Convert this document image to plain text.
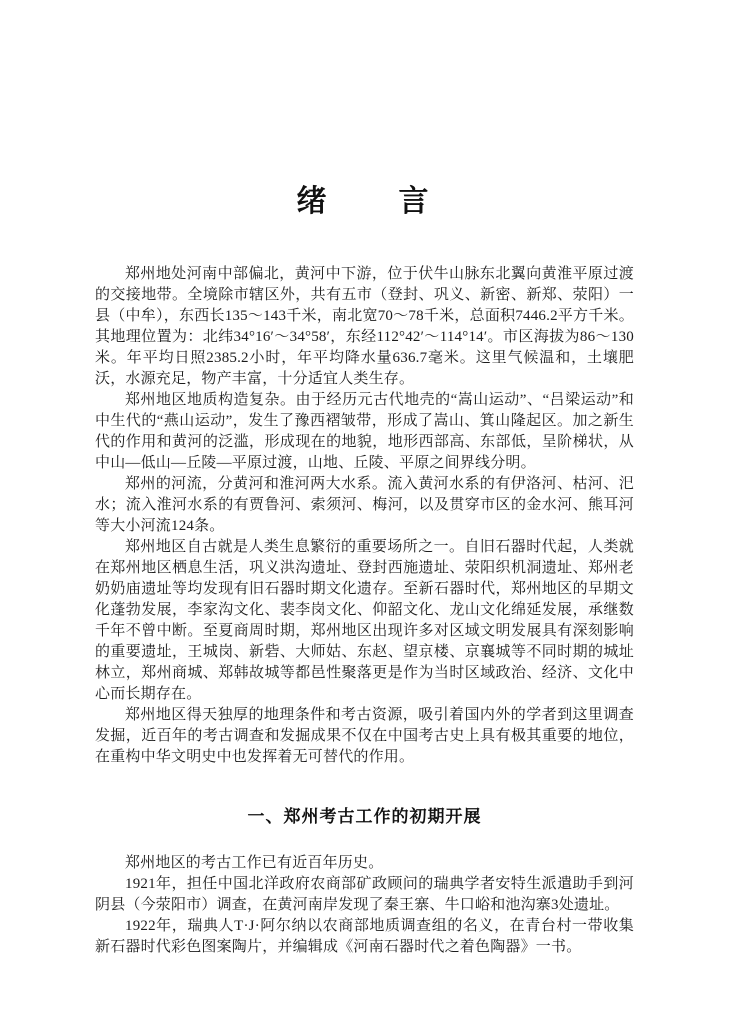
绪　　言

郑州地处河南中部偏北，黄河中下游，位于伏牛山脉东北翼向黄淮平原过渡的交接地带。全境除市辖区外，共有五市（登封、巩义、新密、新郑、荥阳）一县（中牟），东西长135～143千米，南北宽70～78千米，总面积7446.2平方千米。其地理位置为：北纬34°16′～34°58′，东经112°42′～114°14′。市区海拔为86～130米。年平均日照2385.2小时，年平均降水量636.7毫米。这里气候温和，土壤肥沃，水源充足，物产丰富，十分适宜人类生存。

郑州地区地质构造复杂。由于经历元古代地壳的“嵩山运动”、“吕梁运动”和中生代的“燕山运动”，发生了豫西褶皱带，形成了嵩山、箕山隆起区。加之新生代的作用和黄河的泛滥，形成现在的地貌，地形西部高、东部低，呈阶梯状，从中山—低山—丘陵—平原过渡，山地、丘陵、平原之间界线分明。

郑州的河流，分黄河和淮河两大水系。流入黄河水系的有伊洛河、枯河、汜水；流入淮河水系的有贾鲁河、索须河、梅河，以及贯穿市区的金水河、熊耳河等大小河流124条。

郑州地区自古就是人类生息繁衍的重要场所之一。自旧石器时代起，人类就在郑州地区栖息生活，巩义洪沟遗址、登封西施遗址、荥阳织机洞遗址、郑州老奶奶庙遗址等均发现有旧石器时期文化遗存。至新石器时代，郑州地区的早期文化蓬勃发展，李家沟文化、裴李岗文化、仰韶文化、龙山文化绵延发展，承继数千年不曾中断。至夏商周时期，郑州地区出现许多对区域文明发展具有深刻影响的重要遗址，王城岗、新砦、大师姑、东赵、望京楼、京襄城等不同时期的城址林立，郑州商城、郑韩故城等都邑性聚落更是作为当时区域政治、经济、文化中心而长期存在。

郑州地区得天独厚的地理条件和考古资源，吸引着国内外的学者到这里调查发掘，近百年的考古调查和发掘成果不仅在中国考古史上具有极其重要的地位，在重构中华文明史中也发挥着无可替代的作用。

一、郑州考古工作的初期开展

郑州地区的考古工作已有近百年历史。

1921年，担任中国北洋政府农商部矿政顾问的瑞典学者安特生派遣助手到河阴县（今荥阳市）调查，在黄河南岸发现了秦王寨、牛口峪和池沟寨3处遗址。

1922年，瑞典人T·J·阿尔纳以农商部地质调查组的名义，在青台村一带收集新石器时代彩色图案陶片，并编辑成《河南石器时代之着色陶器》一书。
